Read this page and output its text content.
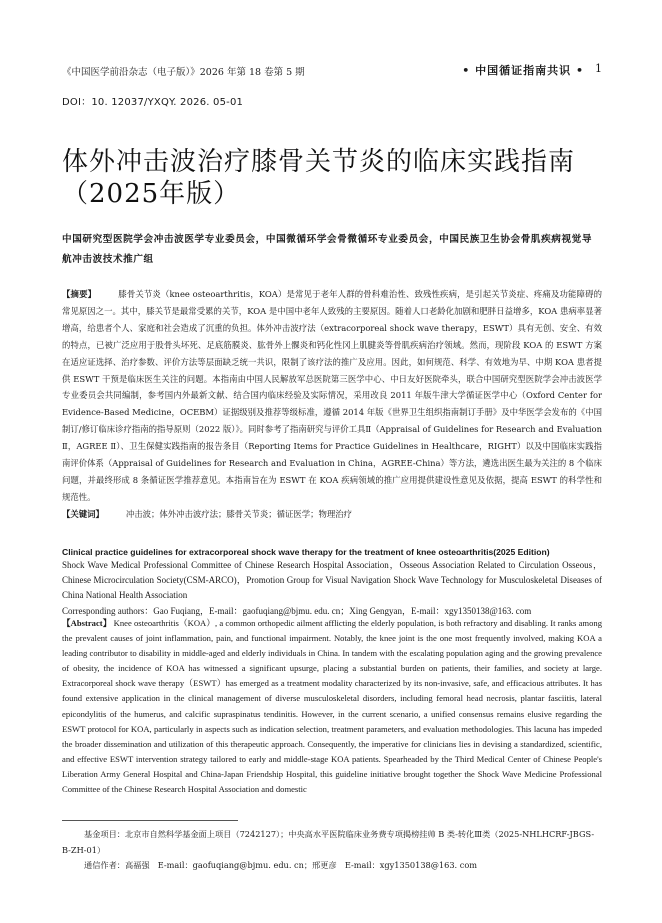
《中国医学前沿杂志（电子版）》2026 年第 18 卷第 5 期	• 中国循证指南共识 • 1
DOI：10. 12037/YXQY. 2026. 05-01
体外冲击波治疗膝骨关节炎的临床实践指南
（2025年版）
中国研究型医院学会冲击波医学专业委员会，中国微循环学会骨微循环专业委员会，中国民族卫生协会骨肌疾病视觉导航冲击波技术推广组
【摘要】	膝骨关节炎（knee osteoarthritis，KOA）是常见于老年人群的骨科难治性、致残性疾病，是引起关节炎症、疼痛及功能障碍的常见原因之一。其中，膝关节是最常受累的关节，KOA 是中国中老年人致残的主要原因。随着人口老龄化加剧和肥胖日益增多，KOA 患病率显著增高，给患者个人、家庭和社会造成了沉重的负担。体外冲击波疗法（extracorporeal shock wave therapy，ESWT）具有无创、安全、有效的特点，已被广泛应用于股骨头坏死、足底筋膜炎、肱骨外上髁炎和钙化性冈上肌腱炎等骨肌疾病治疗领域。然而，现阶段 KOA 的 ESWT 方案在适应证选择、治疗参数、评价方法等层面缺乏统一共识，限制了该疗法的推广及应用。因此，如何规范、科学、有效地为早、中期 KOA 患者提供 ESWT 干预是临床医生关注的问题。本指南由中国人民解放军总医院第三医学中心、中日友好医院牵头，联合中国研究型医院学会冲击波医学专业委员会共同编制，参考国内外最新文献、结合国内临床经验及实际情况，采用改良 2011 年版牛津大学循证医学中心（Oxford Center for Evidence-Based Medicine，OCEBM）证据级别及推荐等级标准，遵循 2014 年版《世界卫生组织指南制订手册》及中华医学会发布的《中国制订/修订临床诊疗指南的指导原则（2022 版）》。同时参考了指南研究与评价工具Ⅱ（Appraisal of Guidelines for Research and Evaluation Ⅱ，AGREE Ⅱ）、卫生保健实践指南的报告条目（Reporting Items for Practice Guidelines in Healthcare，RIGHT）以及中国临床实践指南评价体系（Appraisal of Guidelines for Research and Evaluation in China，AGREE-China）等方法，遴选出医生最为关注的 8 个临床问题，并最终形成 8 条循证医学推荐意见。本指南旨在为 ESWT 在 KOA 疾病领域的推广应用提供建设性意见及依据，提高 ESWT 的科学性和规范性。
【关键词】	冲击波；体外冲击波疗法；膝骨关节炎；循证医学；物理治疗
Clinical practice guidelines for extracorporeal shock wave therapy for the treatment of knee osteoarthritis(2025 Edition)
Shock Wave Medical Professional Committee of Chinese Research Hospital Association，Osseous Association Related to Circulation Osseous，Chinese Microcirculation Society(CSM-ARCO)，Promotion Group for Visual Navigation Shock Wave Technology for Musculoskeletal Diseases of China National Health Association
Corresponding authors：Gao Fuqiang，E-mail：gaofuqiang@bjmu. edu. cn；Xing Gengyan，E-mail：xgy1350138@163. com
【Abstract】 Knee osteoarthritis（KOA）, a common orthopedic ailment afflicting the elderly population, is both refractory and disabling. It ranks among the prevalent causes of joint inflammation, pain, and functional impairment. Notably, the knee joint is the one most frequently involved, making KOA a leading contributor to disability in middle-aged and elderly individuals in China. In tandem with the escalating population aging and the growing prevalence of obesity, the incidence of KOA has witnessed a significant upsurge, placing a substantial burden on patients, their families, and society at large. Extracorporeal shock wave therapy（ESWT）has emerged as a treatment modality characterized by its non-invasive, safe, and efficacious attributes. It has found extensive application in the clinical management of diverse musculoskeletal disorders, including femoral head necrosis, plantar fasciitis, lateral epicondylitis of the humerus, and calcific supraspinatus tendinitis. However, in the current scenario, a unified consensus remains elusive regarding the ESWT protocol for KOA, particularly in aspects such as indication selection, treatment parameters, and evaluation methodologies. This lacuna has impeded the broader dissemination and utilization of this therapeutic approach. Consequently, the imperative for clinicians lies in devising a standardized, scientific, and effective ESWT intervention strategy tailored to early and middle-stage KOA patients. Spearheaded by the Third Medical Center of Chinese People's Liberation Army General Hospital and China-Japan Friendship Hospital, this guideline initiative brought together the Shock Wave Medicine Professional Committee of the Chinese Research Hospital Association and domestic
基金项目：北京市自然科学基金面上项目（7242127）；中央高水平医院临床业务费专项揭榜挂帅 B 类-转化Ⅲ类（2025-NHLHCRF-JBGS-B-ZH-01）
通信作者：高福强　E-mail：gaofuqiang@bjmu. edu. cn；邢更彦　E-mail：xgy1350138@163. com
